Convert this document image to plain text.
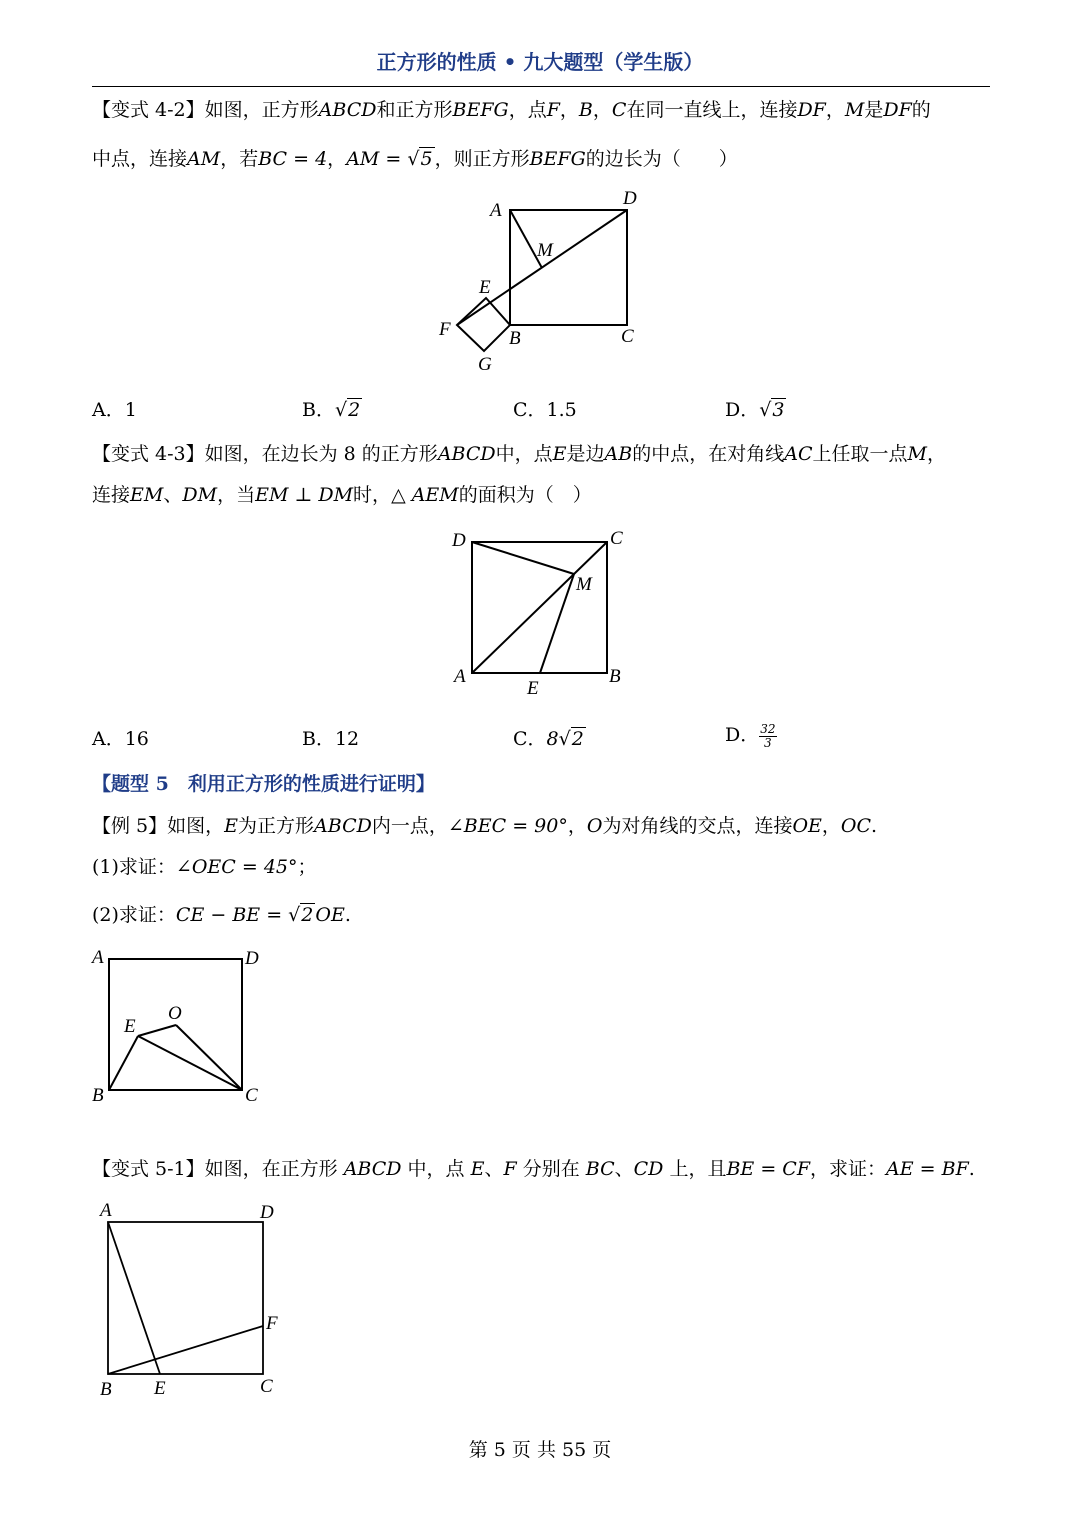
正方形的性质 • 九大题型（学生版）
【变式 4-2】如图，正方形ABCD和正方形BEFG，点F，B，C在同一直线上，连接DF，M是DF的
中点，连接AM，若BC = 4，AM = √5 ，则正方形BEFG的边长为（　　）
A
D
M
E
F	B	C
G
A．1	B．√2	C．1.5	D．√3
【变式 4-3】如图，在边长为 8 的正方形ABCD中，点E是边AB的中点，在对角线AC上任取一点M，
连接EM、DM，当EM ⊥ DM时，△ AEM的面积为（　）
D	C
M
A
E
B
A．16	B．12	C．8√2	D． $\frac{32}{3}$
【题型 5　利用正方形的性质进行证明】
【例 5】如图，E为正方形ABCD内一点，∠BEC = 90°，O为对角线的交点，连接OE，OC.
(1)求证：∠OEC = 45°；
(2)求证：CE − BE = √2 OE.
A	D
E
O
B	C
【变式 5-1】如图，在正方形 ABCD 中，点 E、F 分别在 BC、CD 上，且BE = CF，求证：AE = BF.
A	D
F
B E	C
第 5 页 共 55 页
